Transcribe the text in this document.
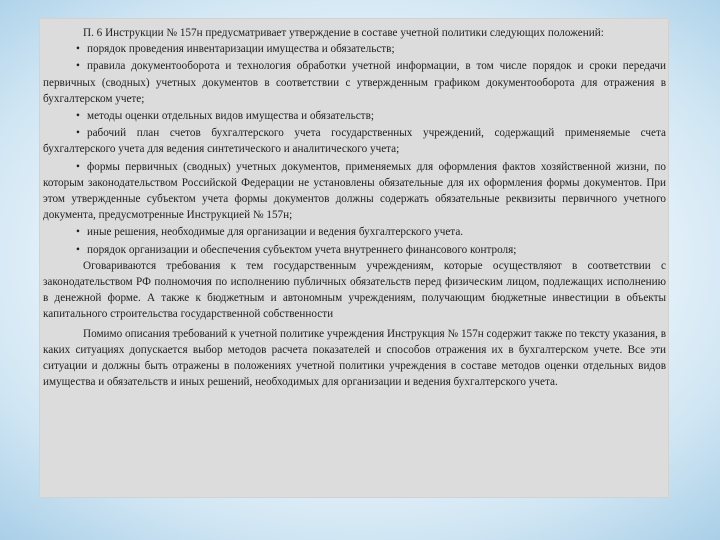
П. 6 Инструкции № 157н предусматривает утверждение в составе учетной политики следующих положений:

• порядок проведения инвентаризации имущества и обязательств;

• правила документооборота и технология обработки учетной информации, в том числе порядок и сроки передачи первичных (сводных) учетных документов в соответствии с утвержденным графиком документооборота для отражения в бухгалтерском учете;

• методы оценки отдельных видов имущества и обязательств;

• рабочий план счетов бухгалтерского учета государственных учреждений, содержащий применяемые счета бухгалтерского учета для ведения синтетического и аналитического учета;

• формы первичных (сводных) учетных документов, применяемых для оформления фактов хозяйственной жизни, по которым законодательством Российской Федерации не установлены обязательные для их оформления формы документов. При этом утвержденные субъектом учета формы документов должны содержать обязательные реквизиты первичного учетного документа, предусмотренные Инструкцией № 157н;

• иные решения, необходимые для организации и ведения бухгалтерского учета.

• порядок организации и обеспечения субъектом учета внутреннего финансового контроля;

Оговариваются требования к тем государственным учреждениям, которые осуществляют в соответствии с законодательством РФ полномочия по исполнению публичных обязательств перед физическим лицом, подлежащих исполнению в денежной форме. А также к бюджетным и автономным учреждениям, получающим бюджетные инвестиции в объекты капитального строительства государственной собственности

Помимо описания требований к учетной политике учреждения Инструкция № 157н содержит также по тексту указания, в каких ситуациях допускается выбор методов расчета показателей и способов отражения их в бухгалтерском учете. Все эти ситуации и должны быть отражены в положениях учетной политики учреждения в составе методов оценки отдельных видов имущества и обязательств и иных решений, необходимых для организации и ведения бухгалтерского учета.
